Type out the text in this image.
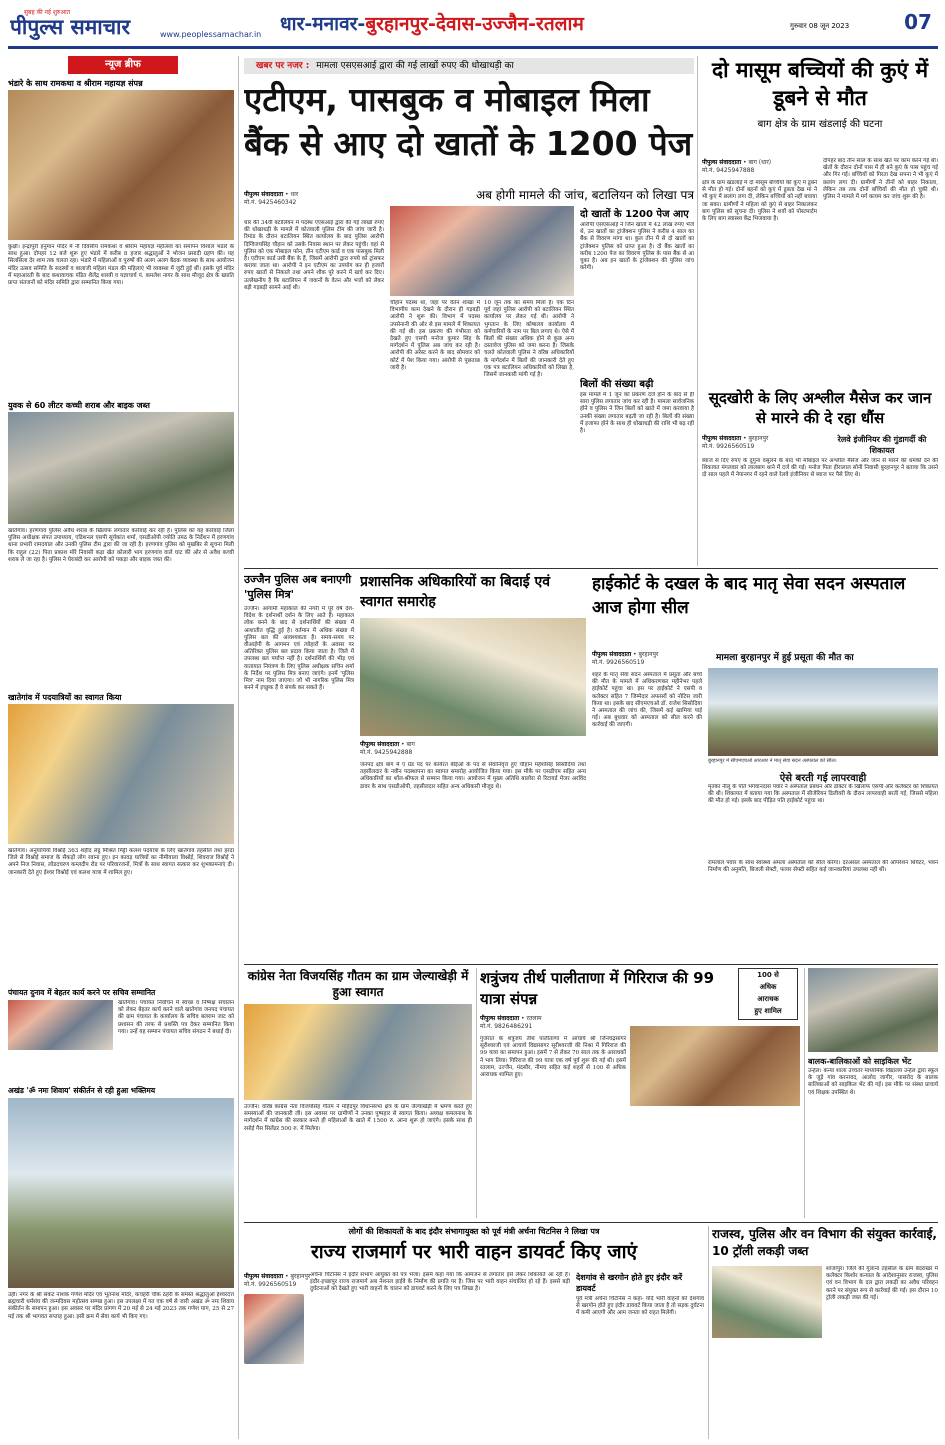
सुबह की नई शुरुआत
पीपुल्स समाचार	www.peoplessamachar.in धार-मनावर-बुरहानपुर-देवास-उज्जैन-रतलाम	गुरुवार 08 जून 2023	07
न्यूज ब्रीफ
भंडारे के साथ रामकथा व श्रीराम महायज्ञ संपन्न
कुक्षी। इन्द्रापुरी हनुमान मंदिर में नौ दिवसीय रामकथा व श्रीराम महायज्ञ महोत्सव का समापन विशाल भंडारे के साथ हुआ। दोपहर 12 बजे शुरू हुए भंडारे में करीब 8 हजार श्रद्धालुओं ने भोजन प्रसादी ग्रहण की। यह सिलसिला देर शाम तक चलता रहा। भंडारे में महिलाओं व पुरुषों की अलग अलग बैठक व्यवस्था के साथ आयोजन मंदिर उत्सव समिति के सदस्यों व बालाजी महिला मंडल की महिलाएं भी व्यवस्था में जुटी हुई थीं। इसके पूर्व मंदिर में महाआरती के बाद कथावाचक पंडित शैलेंद्र शास्त्री व यज्ञाचार्य पं. कमलेश नागर के साथ मौजूद क्षेत्र के ख्याति प्राप्त संतजनों को मंदिर समिति द्वारा सम्मानित किया गया।
युवक से 60 लीटर कच्ची शराब और बाइक जब्त
खातेगांव। हरणगांव पुलिस अवैध शराब के खिलाफ लगातार कार्रवाई कर रही है। पुलिस को यह कार्रवाई जिला पुलिस अधीक्षक संपत उपाध्याय, एडिशनल एसपी सूर्यकांत शर्मा, एसडीओपी ज्योति उमठ के निर्देशन में हरणगांव थाना प्रभारी रामदयाल और उनकी पुलिस टीम द्वारा की जा रही है। हरणगांव पुलिस को मुखबिर से सूचना मिली कि राहुल (22) पिता प्रकाश मोरे निवासी कड़ा खेत कोलारी भाग हरणगांव वाले घाट की ओर से अवैध कच्ची शराब ले जा रहा है। पुलिस ने घेराबंदी कर आरोपी को पकड़ा और बाइक जब्त की।
खातेगांव में पदयात्रियों का स्वागत किया
खातेगांव। अनुयायियों विश्नोई 363 शहीद लट्ठ मिश्रित मिट्टी कलश पदयात्रा के लिए खातेगांव तहसील तथा हरदा जिले से विश्नोई समाज के सैकड़ों लोग रवाना हुए। इन कावड़ यात्रियों का नीमीवाला विश्नोई, शिवराज विश्नोई ने अपने निज निवास, लोडदचरण कम्लदीप रोड पर परिवारजनों, मित्रों के साथ स्वागत सत्कार कर शुभकामनाएं दी। जानकारी देते हुए ईश्वर विश्नोई एवं कलश यात्रा में शामिल हुए।
पंचायत दुनाव में बेहतर कार्य करने पर सचिव सम्मानित
खातेगांव। पंचायत निर्वाचन में स्वच्छ व निष्पक्ष संचालन को लेकर बेहतर कार्य करने वाले खातेगांव जनपद पंचायत की ग्राम पंचायत के कार्यालय के सचिव बलराम जाट को प्रशासन की तरफ से प्रशस्ति पत्र देकर सम्मानित किया गया। उन्हें यह सम्मान पंचायत सचिव संगठन ने बधाई दी।
अखंड 'ॐ नमः शिवाय' संकीर्तन से रही हुआ भक्तिमय
उहौ। नगर के श्री संकट नाशक गणेश मंदिर एवं भूतनाथ मंदिर, कचहरी चौक ठहरी के समस्त श्रद्धालुओं ईश्वरदत्त ब्रह्मचारी धर्मसंघ की जन्मदिवस महोत्सव सम्पन्न हुआ। इस उपलक्ष्य में गत एक वर्ष से जारी अखंड ॐ नमः शिवाय संकीर्तन के समापन हुआ। इस अवसर पर मंदिर प्रांगण में 20 मई से 24 मई 2023 तक गणेश याग, 25 से 27 मई तक श्री भागवत सप्ताह हुआ। इसी क्रम में सेवा कार्य भी किए गए।
खबर पर नजर : मामला एसएसआई द्वारा की गई लाखों रुपए की धोखाधड़ी का
एटीएम, पासबुक व मोबाइल मिला बैंक से आए दो खातों के 1200 पेज
पीपुल्स संवाददाता • धार
मो.नं. 9425460342
अब होगी मामले की जांच, बटालियन को लिखा पत्र
धार की 34वीं बटालियन में पदस्थ एएसआई द्वारा की गई लाखों रुपए की धोखाधड़ी के मामले में कोतवाली पुलिस टीम की जांच जारी है। रिमांड के दौरान बटालियन स्थित कार्यालय के बाद पुलिस आरोपी दिग्विजयसिंह चौहान को उसके निवास स्थान पर लेकर पहुंची। वहां से पुलिस को एक मोबाइल फोन, तीन एटीएम कार्ड व एक पासबुक मिली है। एटीएम कार्ड उसी बैंक के हैं, जिसमें आरोपी द्वारा रुपये को ट्रांसफर कराया जाता था। आरोपी ने इन एटीएम का उपयोग कर ही हजारों रुपए खातों से निकाले तथा अपने शौक पूरे करने में खर्च कर दिए। उल्लेखनीय है कि बटालियन में जवानों के वेतन और भत्तों को लेकर बड़ी गड़बड़ी सामने आई थी।
चौहान पदस्थ था, जहां पर वेतन शाखा में विभागीय काम देखने के दौरान ही गड़बड़ी आरोपी ने शुरू की। विभाग में पदस्थ उपसेनानी की ओर से इस मामले में शिकायत की गई थी। इस प्रकरण की गंभीरता को देखते हुए एसपी मनोज कुमार सिंह के मार्गदर्शन में पुलिस अब जांच कर रही है। आरोपी की अरेस्ट करने के बाद सोमवार को कोर्ट में पेश किया गया। आरोपी से पूछताछ जारी है।
10 जून तक का समय मिला है। एक दिन पूर्व जहां पुलिस आरोपी को बटालियन स्थित कार्यालय पर लेकर गई थी। आरोपी ने भुगतान के लिए कोषालय कार्यालय में कर्मचारियों के नाम पर बिल लगाए थे। ऐसे में बिलों की संख्या अधिक होने से कुछ अन्य दस्तावेज पुलिस को जमा करना है। जिसके चलते कोतवाली पुलिस ने वरिष्ठ अधिकारियों के मार्गदर्शन में बिलों की जानकारी देते हुए एक पत्र बटालियन अधिकारियों को लिखा है, जिसमें जानकारी मांगी गई है।
दो खातों के 1200 पेज आए
आरोपी एसएसआई ने जिन खातों में 42 लाख रुपए भेजे थे, उन खातों का ट्रांजेक्शन पुलिस ने करीब 4 साल का बैंक से विवरण मांगा था। कुल तीन में से दो खातों का ट्रांजेक्शन पुलिस को प्राप्त हुआ है। दो बैंक खातों का करीब 1200 पेज का विवरण पुलिस के पास बैंक से आ चुका है। अब इन खातों के ट्रांजेक्शन की पुलिस जांच करेगी।
बिलों की संख्या बढ़ी
इस मामले में 1 जून को प्रकरण दर्ज होने के बाद से ही सारा पुलिस लगातार जांच कर रही है। मामला सार्वजनिक होने व पुलिस ने जिन बिलों को खाते में जमा करवाया है उनकी संख्या लगातार बढ़ती जा रही है। बिलों की संख्या में इजाफा होने के साथ ही धोखाधड़ी की राशि भी बढ़ रही है।
दो मासूम बच्चियों की कुएं में डूबने से मौत
बाग क्षेत्र के ग्राम खंडलाई की घटना
पीपुल्स संवाददाता • बाग (धार)
मो.नं. 9425947888
क्षेत्र के ग्राम खंडलाई में दो मासूम बच्चियों की कुएं में डूबने से मौत हो गई। दोनों बहनों को कुएं में डूबता देख मां ने भी कुएं में छलांग लगा दी, लेकिन बच्चियों को नहीं बचाया जा सका। ग्रामीणों ने महिला को कुएं से बाहर निकालकर बाग पुलिस को सूचना दी। पुलिस ने शवों को पोस्टमार्टम के लिए बाग स्वास्थ्य केंद्र भिजवाया है।
दोपहर बाद तीन साल के साथ खेत पर काम करने गई थी। खेतों के दौरान दोनों पास में ही बने कुएं के पास पहुंच गई और गिर गई। बच्चियों को गिरता देख सपना ने भी कुएं में छलांग लगा दी। ग्रामीणों ने तीनों को बाहर निकाला, लेकिन तब तक दोनों बच्चियों की मौत हो चुकी थी। पुलिस ने मामले में मर्ग कायम कर जांच शुरू की है।
सूदखोरी के लिए अश्लील मैसेज कर जान से मारने की दे रहा धौंस
पीपुल्स संवाददाता • बुरहानपुर
मो.नं. 9926560519
रेलवे इंजीनियर की गुंडागर्दी की शिकायत
ब्याज से दिए रुपए के दुगुना वसूलने के बाद भी मोबाइल पर अश्लील मैसेज और जान से मारने की धमकी देने की शिकायत मंगलवार को लालबाग थाने में दर्ज की गई। मनोज पिता हीरालाल सोनी निवासी बुरहानपुर ने बताया कि उसने दो साल पहले में नेपानगर में रहने वाले रेलवे इंजीनियर से ब्याज पर पैसे लिए थे।
उज्जैन पुलिस अब बनाएगी 'पुलिस मित्र'
उज्जैन। आगामी महाकाल की नगरी में पूरे वर्ष देश-विदेश के दर्शनार्थी दर्शन के लिए आते हैं। महाकाल लोक बनने के बाद से दर्शनार्थियों की संख्या में आशातीत वृद्धि हुई है। वर्तमान में अधिक संख्या में पुलिस बल की आवश्यकता है। समय-समय पर वीआईपी के आगमन एवं त्योहारों के अवसर पर अतिरिक्त पुलिस बल प्रदाय किया जाता है। जिले में उपलब्ध बल पर्याप्त नहीं है। दर्शनार्थियों की भीड़ एवं यातायात नियंत्रण के लिए पुलिस अधीक्षक सचिन शर्मा के निर्देश पर पुलिस मित्र बनाए जाएंगे। इनमें 'पुलिस मित्र' नाम दिया जाएगा। जो भी नागरिक पुलिस मित्र बनने में इच्छुक हैं वे संपर्क कर सकते हैं।
प्रशासनिक अधिकारियों का बिदाई एवं स्वागत समारोह
पीपुल्स संवाददाता • बाग
मो.नं. 9425942888
जनपद क्षेत्र बाग में ए ग्रेड पद पर कार्यरत बीईओ के पद से सेवानिवृत्त हुए चौहान महेशसिंह सिसोदिया तथा तहसीलदार के नवीन पदस्थापना का स्वागत समारोह आयोजित किया गया। इस मौके पर एसडीएम सहित अन्य अधिकारियों का शॉल-श्रीफल से सम्मान किया गया। आयोजन में मुख्य अतिथि बालोरा से रिटायर्ड मेजर अरविंद डावर के साथ एसडीओपी, तहसीलदार सहित अन्य अधिकारी मौजूद थे।
हाईकोर्ट के दखल के बाद मातृ सेवा सदन अस्पताल आज होगा सील
पीपुल्स संवाददाता • बुरहानपुर
मो.नं. 9926560519	मामला बुरहानपुर में हुई प्रसूता की मौत का
शहर के मातृ सेवा सदन अस्पताल में प्रसूता और बच्चे की मौत के मामले में अधिकरणकर महीनेभर पहले हाईकोर्ट पहुंचा था। इस पर हाईकोर्ट ने एसपी व कलेक्टर सहित 7 जिम्मेदार अफसरों को नोटिस जारी किया था। इसके बाद सीएमएचओ डॉ. राजेश सिसोदिया ने अस्पताल की जांच की, जिसमें कई खामियां पाई गईं। अब बुधवार को अस्पताल को सील करने की कार्रवाई की जाएगी।
बुरहानपुर में सीएमएचओ आरआर ने मातृ सेवा सदन अस्पताल को सील।
ऐसे बरती गई लापरवाही
मृतका नीलू के पति भगवानदास पवार ने अस्पताल प्रबंधन और डॉक्टर के खिलाफ एसपी और कलेक्टर को शिकायत की थी। शिकायत में बताया गया कि अस्पताल में सीजेरियन डिलीवरी के दौरान लापरवाही बरती गई, जिससे महिला की मौत हो गई। इसके बाद पीड़ित पति हाईकोर्ट पहुंचा था।
रामलाल पवार के साथ स्वास्थ्य अमला अस्पताल को सील करेगा। दरअसल अस्पताल की ऑपरेशन थियेटर, भवन निर्माण की अनुमति, बिजली सेफ्टी, फायर सेफ्टी सहित कई जानकारियां उपलब्ध नहीं थीं।
कांग्रेस नेता विजयसिंह गौतम का ग्राम जेल्याखेड़ी में हुआ स्वागत
उज्जैन। वरिष्ठ कांग्रेस नेता विजयसिंह गौतम ने महिदपुर विधानसभा क्षेत्र के ग्राम जेल्याखेड़ी में भ्रमण करते हुए समस्याओं की जानकारी ली। इस अवसर पर ग्रामीणों ने उनका पुष्पहार से स्वागत किया। अध्यक्ष कमलनाथ के मार्गदर्शन में कांग्रेस की सरकार बनते ही महिलाओं के खाते में 1500 रु. आना शुरू हो जाएंगे। इसके साथ ही रसोई गैस सिलेंडर 500 रु. में मिलेगा।
शत्रुंजय तीर्थ पालीताणा में गिरिराज की 99 यात्रा संपन्न
100 से
अधिक
आराधक
हुए शामिल
पीपुल्स संवाददाता • रतलाम
मो.नं. 9826486291
गुजरात के शत्रुंजय तीर्थ पालीताणा में आचार्य श्री जिनचंद्रसागर सूरीश्वरजी एवं आचार्य विद्यासागर सूरीश्वरजी की निश्रा में गिरिराज की 99 यात्रा का समापन हुआ। इसमें 7 से लेकर 70 साल तक के आराधकों ने भाग लिया। गिरिराज की 99 यात्रा एक वर्ष पूर्व शुरू की गई थी। इसमें रतलाम, उज्जैन, मंदसौर, नीमच सहित कई शहरों से 100 से अधिक आराधक शामिल हुए।
बालक-बालिकाओं को साइकिल भेंट
उन्हेल। कन्या शाला उच्चतर माध्यमिक विद्यालय उन्हेल द्वारा स्कूल के जुड़े गांव करनावद, आलोद जागीर, पासरोद के बालक बालिकाओं को साइकिल भेंट की गई। इस मौके पर संस्था प्राचार्य एवं शिक्षक उपस्थित थे।
लोगों की शिकायतों के बाद इंदौर संभागायुक्त को पूर्व मंत्री अर्चना चिटनिस ने लिखा पत्र
राज्य राजमार्ग पर भारी वाहन डायवर्ट किए जाएं
पीपुल्स संवाददाता • बुरहानपुर
मो.नं. 9926560519
अर्चना चिटनिस ने इंदौर संभाग आयुक्त को पत्र भेजा। इसमें कहा गया कि आमजन से लगातार इसे लेकर शिकायतें आ रही हैं। इंदौर-इच्छापुर राज्य राजमार्ग अब नेशनल हाईवे के निर्माण की प्रगति पर है। जिस पर भारी वाहन संचालित हो रहे हैं। इससे बड़ी दुर्घटनाओं को देखते हुए भारी वाहनों के चालन को डायवर्ट करने के लिए पत्र लिखा है।
देशगांव से खरगोन होते हुए इंदौर करें डायवर्ट
पूर्व मंत्री अर्चना चिटनिस ने कहा- यदि भारी वाहनों को देशगांव से खरगोन होते हुए इंदौर डायवर्ट किया जाता है तो सड़क दुर्घटना में कमी आएगी और आम जनता को राहत मिलेगी।
राजस्व, पुलिस और वन विभाग की संयुक्त कार्रवाई, 10 ट्रॉली लकड़ी जब्त
शाजापुर। जिले की गुलाना तहसील के ग्राम बेदराखर में कलेक्टर किशोर कन्याल के आदेशानुसार राजस्व, पुलिस एवं वन विभाग के दल द्वारा लकड़ी का अवैध परिवहन करने पर संयुक्त रूप से कार्रवाई की गई। इस दौरान 10 ट्रॉली लकड़ी जब्त की गई।
